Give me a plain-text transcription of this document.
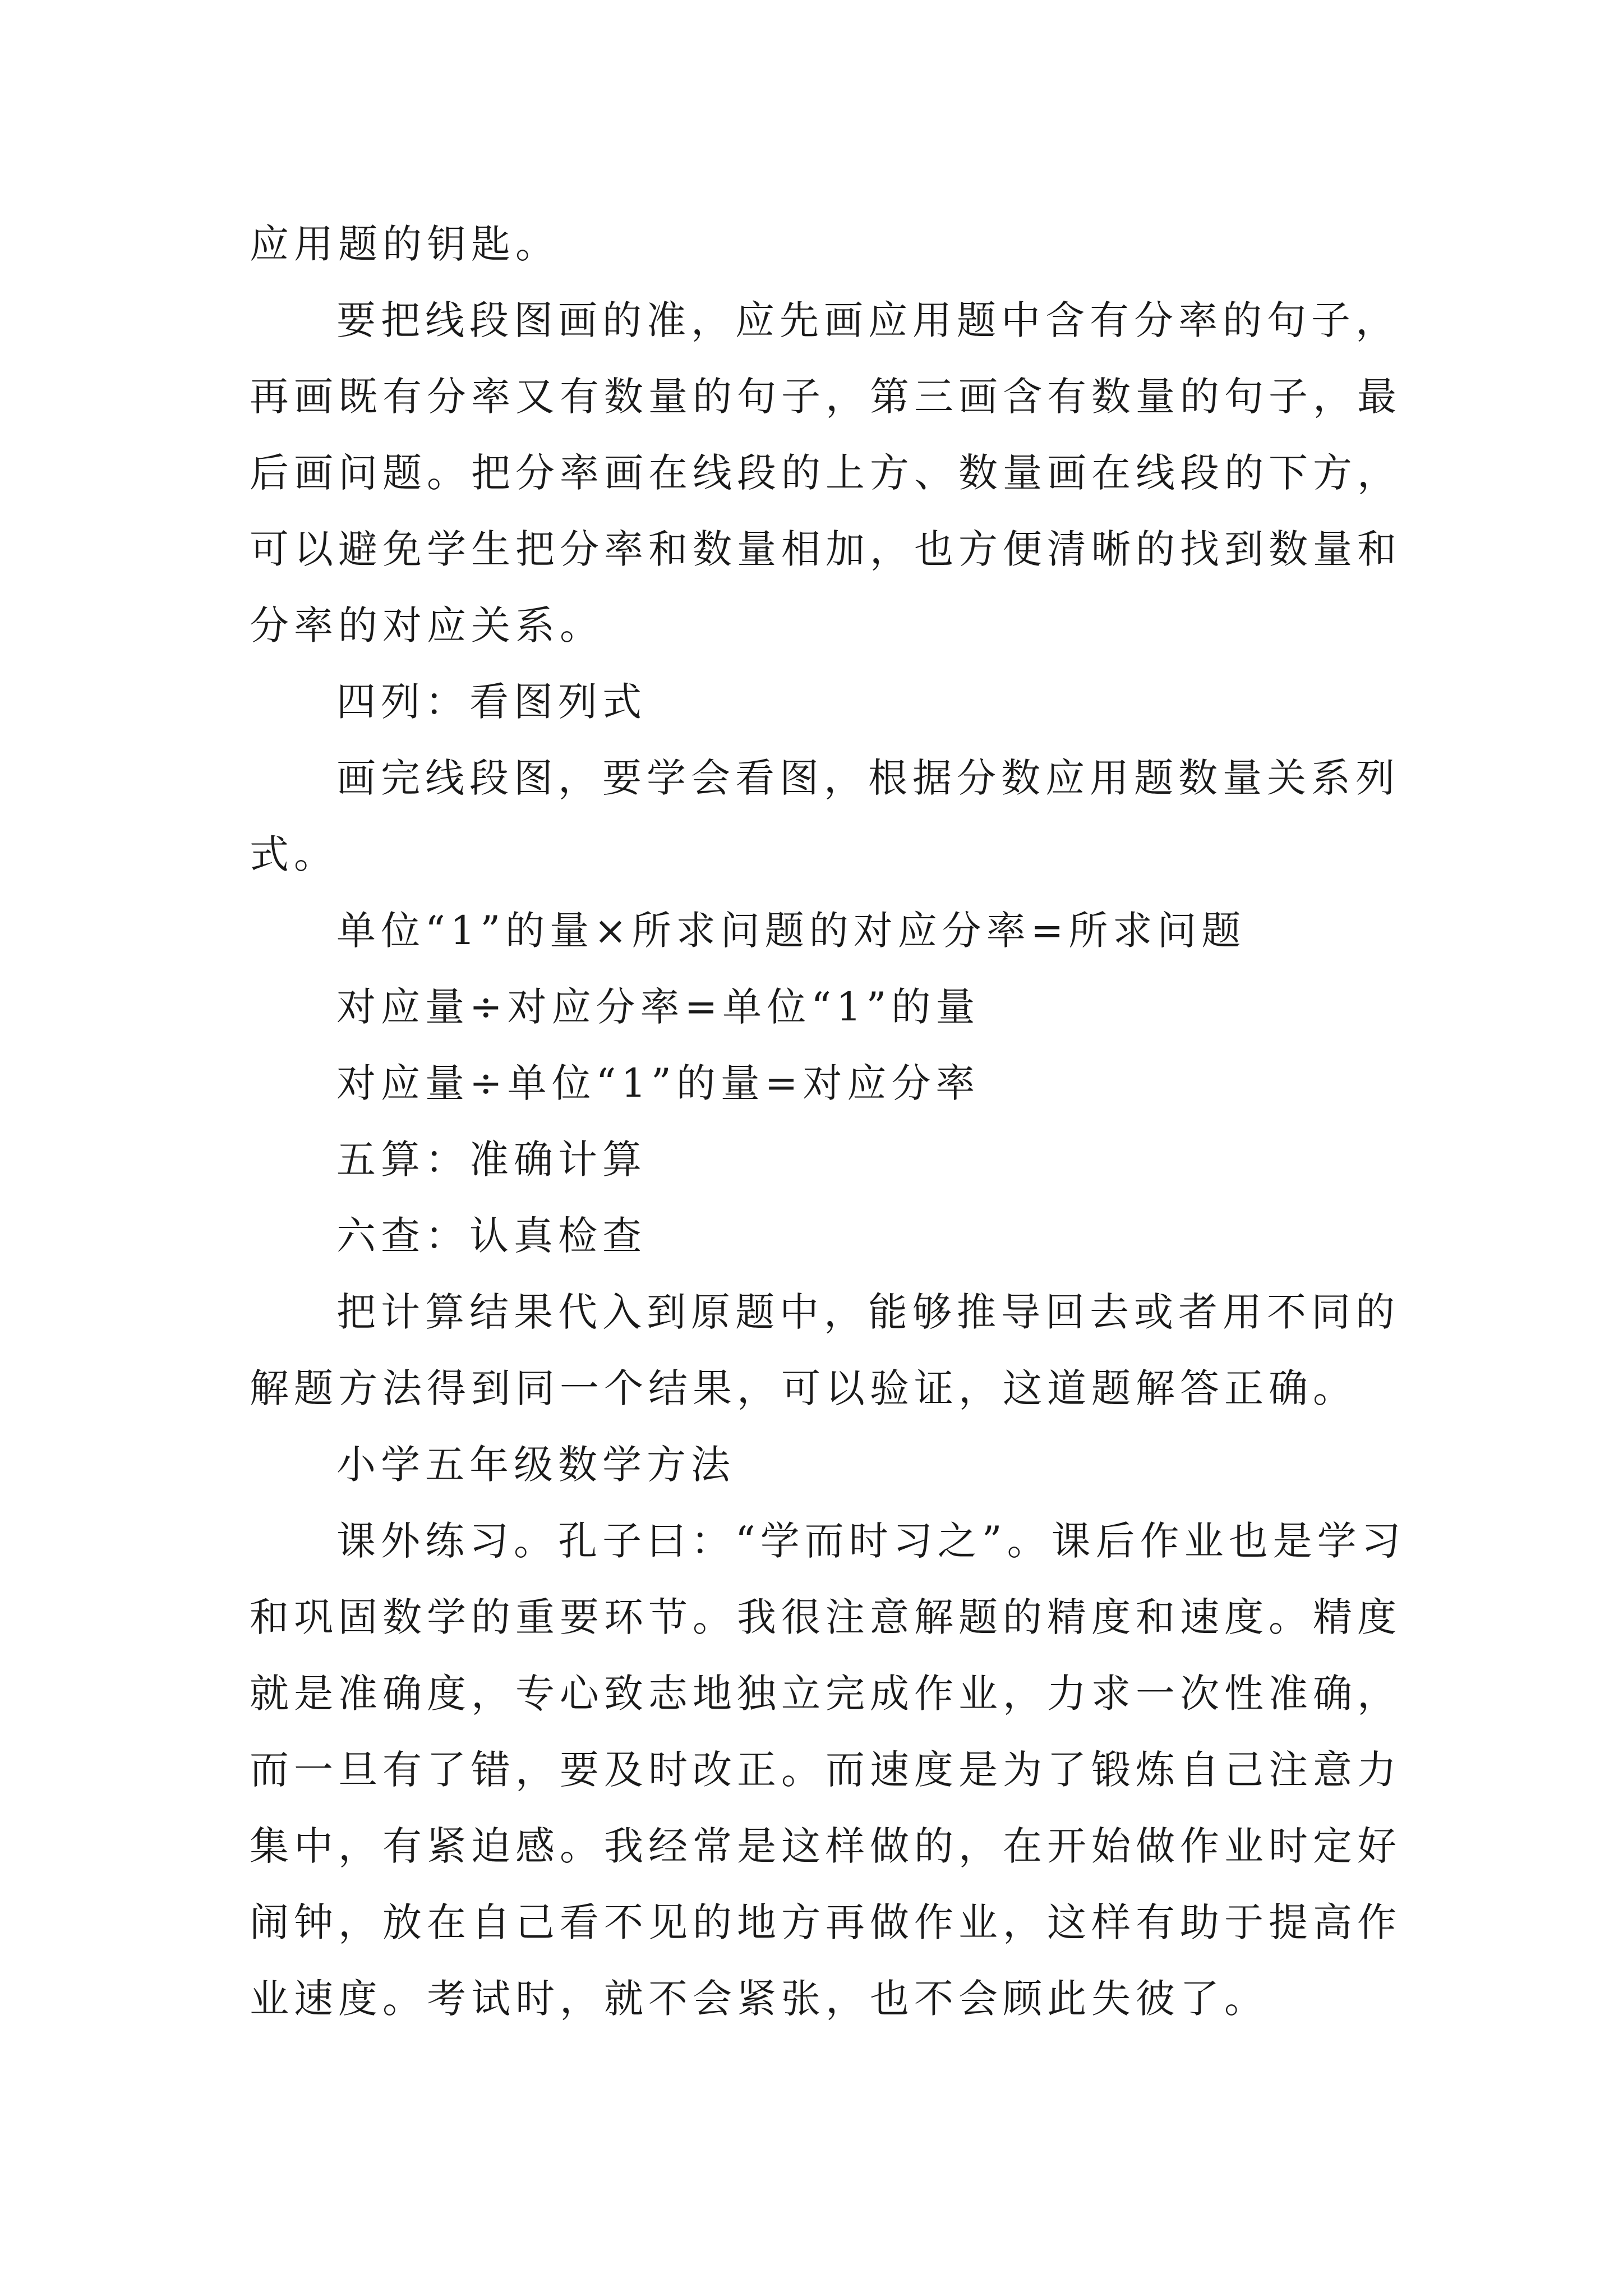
应用题的钥匙。
要把线段图画的准，应先画应用题中含有分率的句子，
再画既有分率又有数量的句子，第三画含有数量的句子，最
后画问题。把分率画在线段的上方、数量画在线段的下方，
可以避免学生把分率和数量相加，也方便清晰的找到数量和
分率的对应关系。
四列：看图列式
画完线段图，要学会看图，根据分数应用题数量关系列
式。
单位“1”的量×所求问题的对应分率=所求问题
对应量÷对应分率=单位“1”的量
对应量÷单位“1”的量=对应分率
五算：准确计算
六查：认真检查
把计算结果代入到原题中，能够推导回去或者用不同的
解题方法得到同一个结果，可以验证，这道题解答正确。
小学五年级数学方法
课外练习。孔子曰：“学而时习之”。课后作业也是学习
和巩固数学的重要环节。我很注意解题的精度和速度。精度
就是准确度，专心致志地独立完成作业，力求一次性准确，
而一旦有了错，要及时改正。而速度是为了锻炼自己注意力
集中，有紧迫感。我经常是这样做的，在开始做作业时定好
闹钟，放在自己看不见的地方再做作业，这样有助于提高作
业速度。考试时，就不会紧张，也不会顾此失彼了。
